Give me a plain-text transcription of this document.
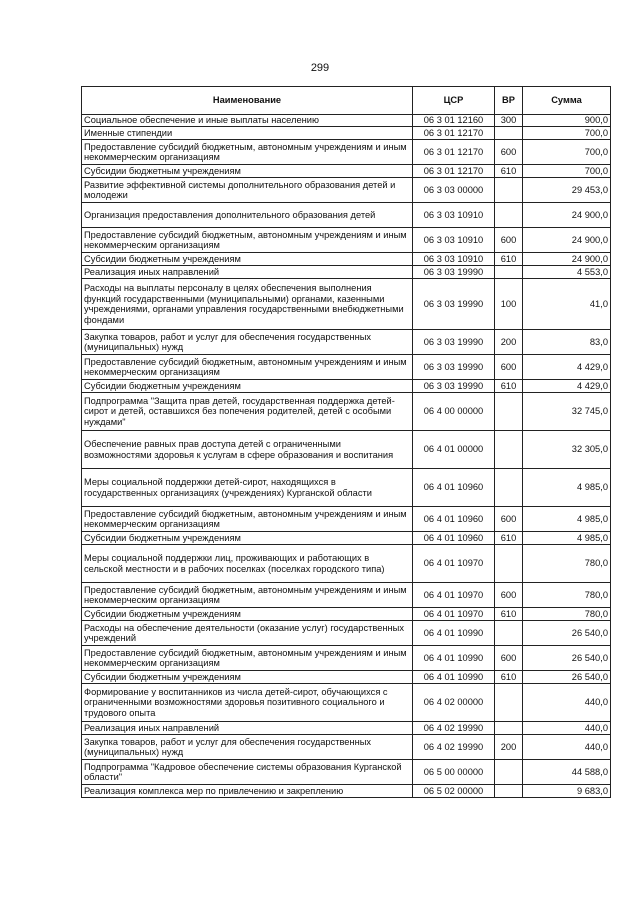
299
Наименование	ЦСР	ВР	Сумма
Социальное обеспечение и иные выплаты населению	06 3 01 12160	300	900,0
Именные стипендии	06 3 01 12170		700,0
Предоставление субсидий бюджетным, автономным учреждениям и иным некоммерческим организациям	06 3 01 12170	600	700,0
Субсидии бюджетным учреждениям	06 3 01 12170	610	700,0
Развитие эффективной системы дополнительного образования детей и молодежи	06 3 03 00000		29 453,0
Организация предоставления дополнительного образования детей	06 3 03 10910		24 900,0
Предоставление субсидий бюджетным, автономным учреждениям и иным некоммерческим организациям	06 3 03 10910	600	24 900,0
Субсидии бюджетным учреждениям	06 3 03 10910	610	24 900,0
Реализация иных направлений	06 3 03 19990		4 553,0
Расходы на выплаты персоналу в целях обеспечения выполнения функций государственными (муниципальными) органами, казенными учреждениями, органами управления государственными внебюджетными фондами	06 3 03 19990	100	41,0
Закупка товаров, работ и услуг для обеспечения государственных (муниципальных) нужд	06 3 03 19990	200	83,0
Предоставление субсидий бюджетным, автономным учреждениям и иным некоммерческим организациям	06 3 03 19990	600	4 429,0
Субсидии бюджетным учреждениям	06 3 03 19990	610	4 429,0
Подпрограмма "Защита прав детей, государственная поддержка детей-сирот и детей, оставшихся без попечения родителей, детей с особыми нуждами"	06 4 00 00000		32 745,0
Обеспечение равных прав доступа детей с ограниченными возможностями здоровья к услугам в сфере образования и воспитания	06 4 01 00000		32 305,0
Меры социальной поддержки детей-сирот, находящихся в государственных организациях (учреждениях) Курганской области	06 4 01 10960		4 985,0
Предоставление субсидий бюджетным, автономным учреждениям и иным некоммерческим организациям	06 4 01 10960	600	4 985,0
Субсидии бюджетным учреждениям	06 4 01 10960	610	4 985,0
Меры социальной поддержки лиц, проживающих и работающих в сельской местности и в рабочих поселках (поселках городского типа)	06 4 01 10970		780,0
Предоставление субсидий бюджетным, автономным учреждениям и иным некоммерческим организациям	06 4 01 10970	600	780,0
Субсидии бюджетным учреждениям	06 4 01 10970	610	780,0
Расходы на обеспечение деятельности (оказание услуг) государственных учреждений	06 4 01 10990		26 540,0
Предоставление субсидий бюджетным, автономным учреждениям и иным некоммерческим организациям	06 4 01 10990	600	26 540,0
Субсидии бюджетным учреждениям	06 4 01 10990	610	26 540,0
Формирование у воспитанников из числа детей-сирот, обучающихся с ограниченными возможностями здоровья позитивного социального и трудового опыта	06 4 02 00000		440,0
Реализация иных направлений	06 4 02 19990		440,0
Закупка товаров, работ и услуг для обеспечения государственных (муниципальных) нужд	06 4 02 19990	200	440,0
Подпрограмма "Кадровое обеспечение системы образования Курганской области"	06 5 00 00000		44 588,0
Реализация комплекса мер по привлечению и закреплению	06 5 02 00000		9 683,0
